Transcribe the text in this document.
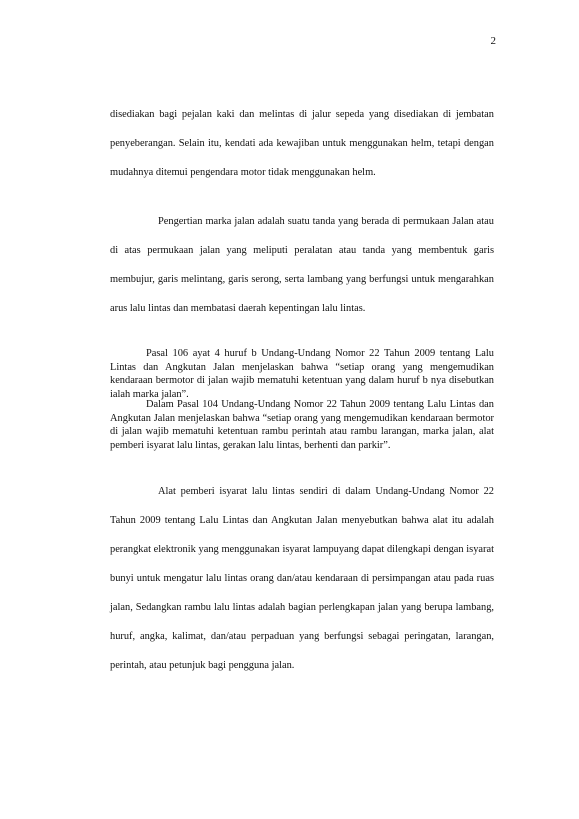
2

disediakan bagi pejalan kaki dan melintas di jalur sepeda yang disediakan di jembatan penyeberangan. Selain itu, kendati ada kewajiban untuk menggunakan helm, tetapi dengan mudahnya ditemui pengendara motor tidak menggunakan helm.

Pengertian marka jalan adalah suatu tanda yang berada di permukaan Jalan atau di atas permukaan jalan yang meliputi peralatan atau tanda yang membentuk garis membujur, garis melintang, garis serong, serta lambang yang berfungsi untuk mengarahkan arus lalu lintas dan membatasi daerah kepentingan lalu lintas.

Pasal 106 ayat 4 huruf b Undang-Undang Nomor 22 Tahun 2009 tentang Lalu Lintas dan Angkutan Jalan menjelaskan bahwa “setiap orang yang mengemudikan kendaraan bermotor di jalan wajib mematuhi ketentuan yang dalam huruf b nya disebutkan ialah marka jalan”.

Dalam Pasal 104 Undang-Undang Nomor 22 Tahun 2009 tentang Lalu Lintas dan Angkutan Jalan menjelaskan bahwa “setiap orang yang mengemudikan kendaraan bermotor di jalan wajib mematuhi ketentuan rambu perintah atau rambu larangan, marka jalan, alat pemberi isyarat lalu lintas, gerakan lalu lintas, berhenti dan parkir”.

Alat pemberi isyarat lalu lintas sendiri di dalam Undang-Undang Nomor 22 Tahun 2009 tentang Lalu Lintas dan Angkutan Jalan menyebutkan bahwa alat itu adalah perangkat elektronik yang menggunakan isyarat lampuyang dapat dilengkapi dengan isyarat bunyi untuk mengatur lalu lintas orang dan/atau kendaraan di persimpangan atau pada ruas jalan, Sedangkan rambu lalu lintas adalah bagian perlengkapan jalan yang berupa lambang, huruf, angka, kalimat, dan/atau perpaduan yang berfungsi sebagai peringatan, larangan, perintah, atau petunjuk bagi pengguna jalan.
